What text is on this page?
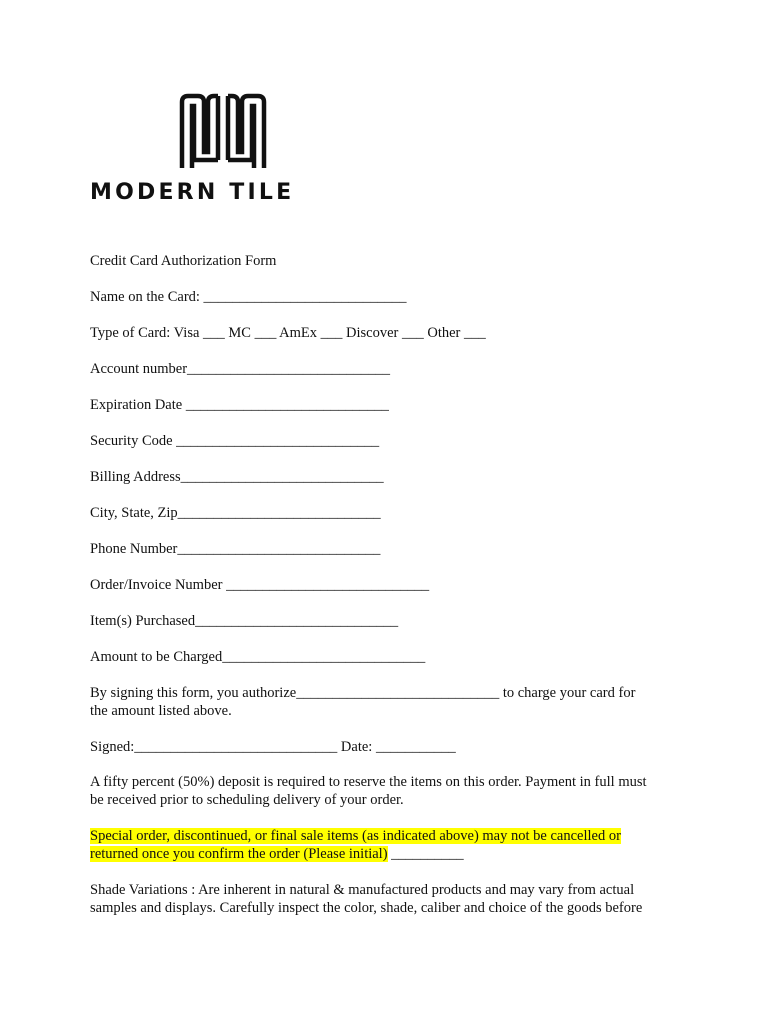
MODERN TILE
Credit Card Authorization Form
Name on the Card: ____________________________
Type of Card: Visa ___ MC ___ AmEx ___ Discover ___ Other ___
Account number____________________________
Expiration Date ____________________________
Security Code ____________________________
Billing Address____________________________
City, State, Zip____________________________
Phone Number____________________________
Order/Invoice Number ____________________________
Item(s) Purchased____________________________
Amount to be Charged____________________________
By signing this form, you authorize____________________________ to charge your card for
the amount listed above.
Signed:____________________________ Date: ___________
A fifty percent (50%) deposit is required to reserve the items on this order. Payment in full must
be received prior to scheduling delivery of your order.
Special order, discontinued, or final sale items (as indicated above) may not be cancelled or
returned once you confirm the order (Please initial) __________
Shade Variations : Are inherent in natural & manufactured products and may vary from actual
samples and displays. Carefully inspect the color, shade, caliber and choice of the goods before
